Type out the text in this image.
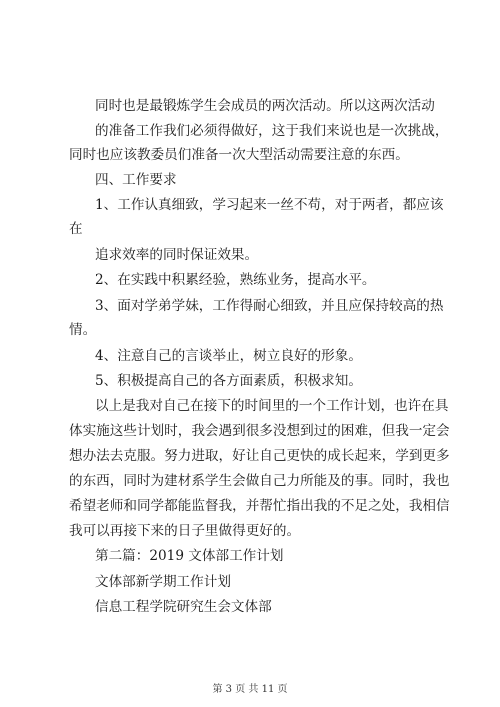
同时也是最锻炼学生会成员的两次活动。所以这两次活动
的准备工作我们必须得做好，这于我们来说也是一次挑战，
同时也应该教委员们准备一次大型活动需要注意的东西。
四、工作要求
1、工作认真细致，学习起来一丝不苟，对于两者，都应该
在
追求效率的同时保证效果。
2、在实践中积累经验，熟练业务，提高水平。
3、面对学弟学妹，工作得耐心细致，并且应保持较高的热
情。
4、注意自己的言谈举止，树立良好的形象。
5、积极提高自己的各方面素质，积极求知。
以上是我对自己在接下的时间里的一个工作计划，也许在具
体实施这些计划时，我会遇到很多没想到过的困难，但我一定会
想办法去克服。努力进取，好让自己更快的成长起来，学到更多
的东西，同时为建材系学生会做自己力所能及的事。同时，我也
希望老师和同学都能监督我，并帮忙指出我的不足之处，我相信
我可以再接下来的日子里做得更好的。
第二篇：2019 文体部工作计划
文体部新学期工作计划
信息工程学院研究生会文体部
第 3 页 共 11 页
